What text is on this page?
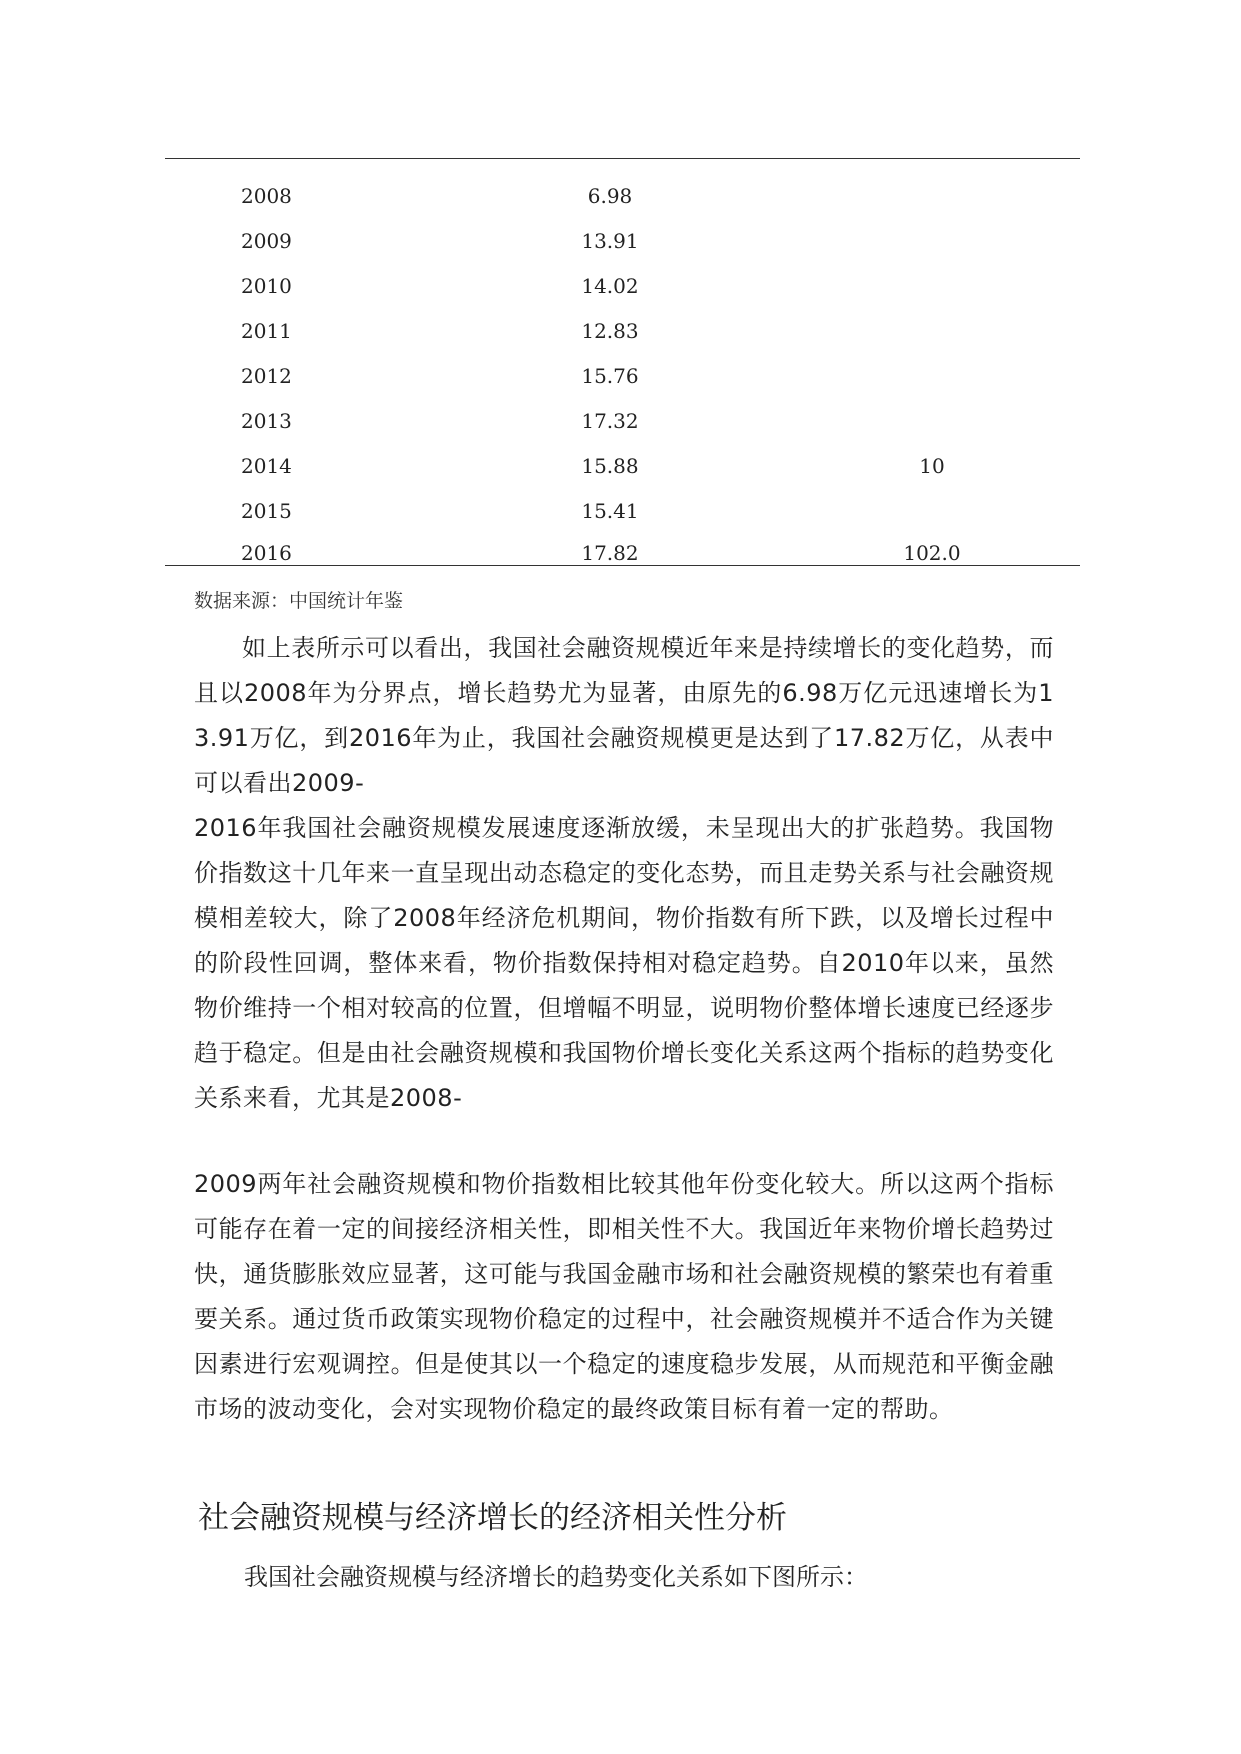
2008	6.98
2009	13.91
2010	14.02
2011	12.83
2012	15.76
2013	17.32
2014	15.88	10
2015	15.41
2016	17.82	102.0
数据来源：中国统计年鉴

如上表所示可以看出，我国社会融资规模近年来是持续增长的变化趋势，而且以2008年为分界点，增长趋势尤为显著，由原先的6.98万亿元迅速增长为13.91万亿，到2016年为止，我国社会融资规模更是达到了17.82万亿，从表中可以看出2009-

2016年我国社会融资规模发展速度逐渐放缓，未呈现出大的扩张趋势。我国物价指数这十几年来一直呈现出动态稳定的变化态势，而且走势关系与社会融资规模相差较大，除了2008年经济危机期间，物价指数有所下跌，以及增长过程中的阶段性回调，整体来看，物价指数保持相对稳定趋势。自2010年以来，虽然物价维持一个相对较高的位置，但增幅不明显，说明物价整体增长速度已经逐步趋于稳定。但是由社会融资规模和我国物价增长变化关系这两个指标的趋势变化关系来看，尤其是2008-

2009两年社会融资规模和物价指数相比较其他年份变化较大。所以这两个指标可能存在着一定的间接经济相关性，即相关性不大。我国近年来物价增长趋势过快，通货膨胀效应显著，这可能与我国金融市场和社会融资规模的繁荣也有着重要关系。通过货币政策实现物价稳定的过程中，社会融资规模并不适合作为关键因素进行宏观调控。但是使其以一个稳定的速度稳步发展，从而规范和平衡金融市场的波动变化，会对实现物价稳定的最终政策目标有着一定的帮助。

社会融资规模与经济增长的经济相关性分析
我国社会融资规模与经济增长的趋势变化关系如下图所示：
